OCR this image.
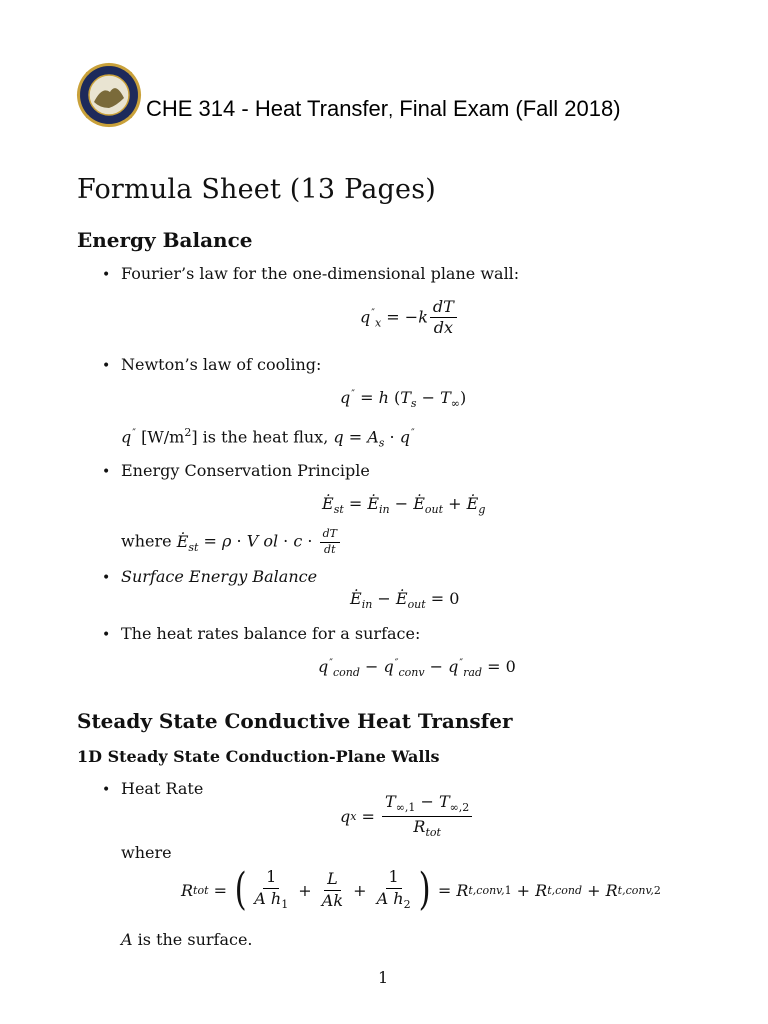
CHE 314 - Heat Transfer, Final Exam (Fall 2018)
Formula Sheet (13 Pages)
Energy Balance
• Fourier’s law for the one-dimensional plane wall:
$q''_x = -k \frac{dT}{dx}$
• Newton’s law of cooling:
q″ = h $(T_s - T_\infty)$
q″ $[W/m^2]$ is the heat flux, $q = A_s \cdot q''$
• Energy Conservation Principle
. $E_{st}$ = . $E_{in}$ − . $E_{out}$ + . $E_g$
where . $E_{st} = \rho \cdot V$ ol · $c \cdot \frac{dT}{dt}$
• Surface Energy Balance
. $E_{in}$ − . $E_{out} = 0$
• The heat rates balance for a surface:
$q''_{cond} - q''_{conv} - q''_{rad} = 0$
Steady State Conductive Heat Transfer
1D Steady State Conduction-Plane Walls
• Heat Rate
q $x = \frac{T_{\infty,1} - T_{\infty,2}}{R_{tot}}$
where
R tot = ( $\frac{1}{A h_1} + \frac{L}{Ak} + \frac{1}{A h_2}$ ) = R t,conv, 1 + R t,cond + R t,conv, 2
A is the surface.
1
